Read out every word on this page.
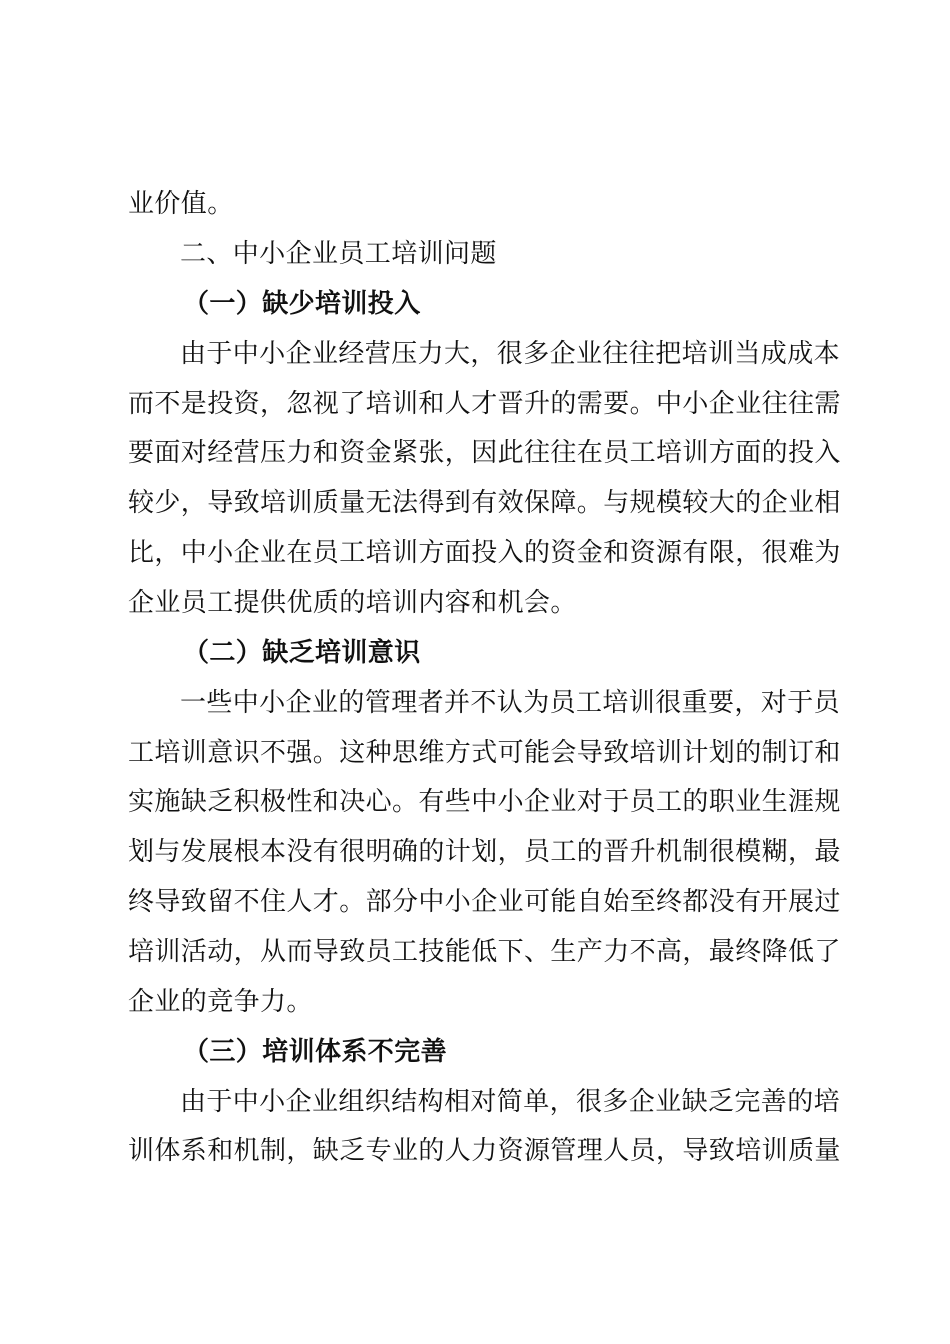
业价值。
二、中小企业员工培训问题
（一）缺少培训投入
由于中小企业经营压力大，很多企业往往把培训当成成本
而不是投资，忽视了培训和人才晋升的需要。中小企业往往需
要面对经营压力和资金紧张，因此往往在员工培训方面的投入
较少，导致培训质量无法得到有效保障。与规模较大的企业相
比，中小企业在员工培训方面投入的资金和资源有限，很难为
企业员工提供优质的培训内容和机会。
（二）缺乏培训意识
一些中小企业的管理者并不认为员工培训很重要，对于员
工培训意识不强。这种思维方式可能会导致培训计划的制订和
实施缺乏积极性和决心。有些中小企业对于员工的职业生涯规
划与发展根本没有很明确的计划，员工的晋升机制很模糊，最
终导致留不住人才。部分中小企业可能自始至终都没有开展过
培训活动，从而导致员工技能低下、生产力不高，最终降低了
企业的竞争力。
（三）培训体系不完善
由于中小企业组织结构相对简单，很多企业缺乏完善的培
训体系和机制，缺乏专业的人力资源管理人员，导致培训质量
